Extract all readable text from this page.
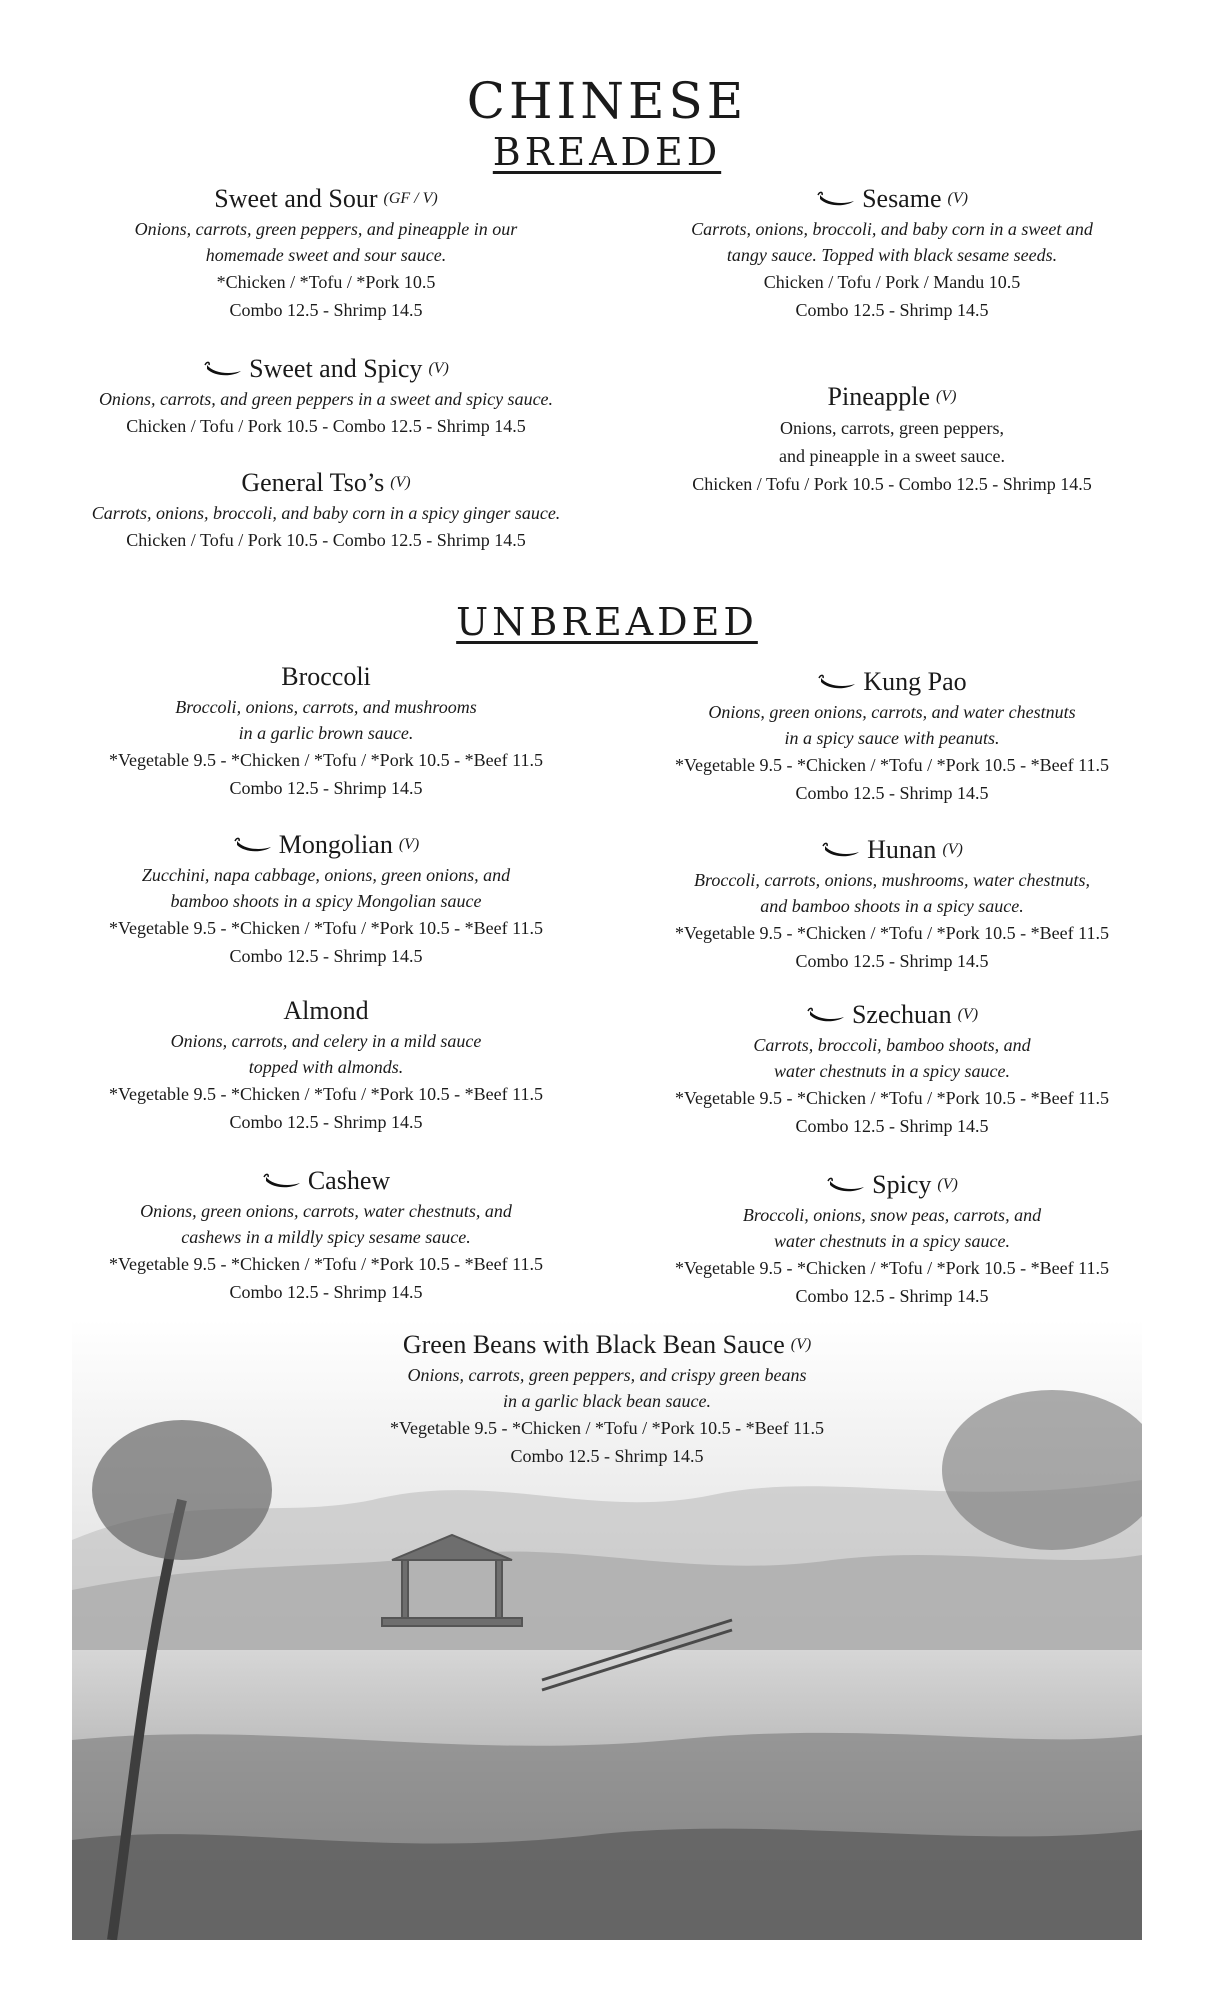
CHINESE
BREADED
UNBREADED
Sweet and Sour (GF / V)
Onions, carrots, green peppers, and pineapple in our
homemade sweet and sour sauce.
*Chicken / *Tofu / *Pork 10.5
Combo 12.5 - Shrimp 14.5
Sesame (V)
Carrots, onions, broccoli, and baby corn in a sweet and
tangy sauce. Topped with black sesame seeds.
Chicken / Tofu / Pork / Mandu 10.5
Combo 12.5 - Shrimp 14.5
Sweet and Spicy (V)
Onions, carrots, and green peppers in a sweet and spicy sauce.
Chicken / Tofu / Pork 10.5 - Combo 12.5 - Shrimp 14.5
Pineapple (V)
Onions, carrots, green peppers,
and pineapple in a sweet sauce.
Chicken / Tofu / Pork 10.5 - Combo 12.5 - Shrimp 14.5
General Tso’s (V)
Carrots, onions, broccoli, and baby corn in a spicy ginger sauce.
Chicken / Tofu / Pork 10.5 - Combo 12.5 - Shrimp 14.5
Broccoli
Broccoli, onions, carrots, and mushrooms
in a garlic brown sauce.
*Vegetable 9.5 - *Chicken / *Tofu / *Pork 10.5 - *Beef 11.5
Combo 12.5 - Shrimp 14.5
Kung Pao
Onions, green onions, carrots, and water chestnuts
in a spicy sauce with peanuts.
*Vegetable 9.5 - *Chicken / *Tofu / *Pork 10.5 - *Beef 11.5
Combo 12.5 - Shrimp 14.5
Mongolian (V)
Zucchini, napa cabbage, onions, green onions, and
bamboo shoots in a spicy Mongolian sauce
*Vegetable 9.5 - *Chicken / *Tofu / *Pork 10.5 - *Beef 11.5
Combo 12.5 - Shrimp 14.5
Hunan (V)
Broccoli, carrots, onions, mushrooms, water chestnuts,
and bamboo shoots in a spicy sauce.
*Vegetable 9.5 - *Chicken / *Tofu / *Pork 10.5 - *Beef 11.5
Combo 12.5 - Shrimp 14.5
Almond
Onions, carrots, and celery in a mild sauce
topped with almonds.
*Vegetable 9.5 - *Chicken / *Tofu / *Pork 10.5 - *Beef 11.5
Combo 12.5 - Shrimp 14.5
Szechuan (V)
Carrots, broccoli, bamboo shoots, and
water chestnuts in a spicy sauce.
*Vegetable 9.5 - *Chicken / *Tofu / *Pork 10.5 - *Beef 11.5
Combo 12.5 - Shrimp 14.5
Cashew
Onions, green onions, carrots, water chestnuts, and
cashews in a mildly spicy sesame sauce.
*Vegetable 9.5 - *Chicken / *Tofu / *Pork 10.5 - *Beef 11.5
Combo 12.5 - Shrimp 14.5
Spicy (V)
Broccoli, onions, snow peas, carrots, and
water chestnuts in a spicy sauce.
*Vegetable 9.5 - *Chicken / *Tofu / *Pork 10.5 - *Beef 11.5
Combo 12.5 - Shrimp 14.5
Green Beans with Black Bean Sauce (V)
Onions, carrots, green peppers, and crispy green beans
in a garlic black bean sauce.
*Vegetable 9.5 - *Chicken / *Tofu / *Pork 10.5 - *Beef 11.5
Combo 12.5 - Shrimp 14.5
